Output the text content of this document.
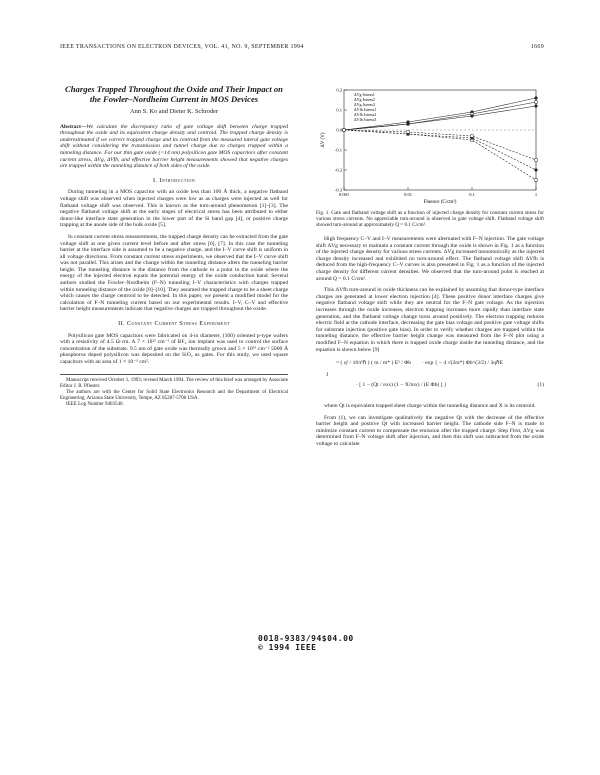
IEEE TRANSACTIONS ON ELECTRON DEVICES, VOL. 41, NO. 9, SEPTEMBER 1994	1669
Charges Trapped Throughout the Oxide and Their Impact on the Fowler–Nordheim Current in MOS Devices
Ann S. Ko and Dieter K. Schroder

Abstract—We calculate the discrepancy ratio of gate voltage shift between charge trapped throughout the oxide and its equivalent charge density and centroid. The trapped charge density is underestimated if we correct trapped charge and its centroid from the measured lateral gate voltage shift without considering the transmission and tunnel charge due to charges trapped within a tunneling distance. For our thin gate oxide (<14 nm) polysilicon gate MOS capacitors after constant current stress, ΔVg, ΔVfb, and effective barrier height measurements showed that negative charges are trapped within the tunneling distance of both sides of the oxide.

I. Introduction

During tunneling in a MOS capacitor with an oxide less than 100 Å thick, a negative flatband voltage shift was observed when injected charges were low as as charges were injected as well for flatband voltage shift was observed. This is known as the turn-around phenomenon [1]–[3]. The negative flatband voltage shift at the early stages of electrical stress has been attributed to either donor-like interface state generation in the lower part of the Si band gap [4], or positive charge trapping at the anode side of the bulk oxide [5].

In constant current stress measurements, the trapped charge density can be extracted from the gate voltage shift at one given current level before and after stress [6], [7]. In this case the tunneling barrier at the interface side is assumed to be a negative charge, and the I–V curve shift is uniform in all voltage directions. From constant current stress experiments, we observed that the I–V curve shift was not parallel. This arises and the change within the tunneling distance alters the tunneling barrier height. The tunneling distance is the distance from the cathode to a point in the oxide where the energy of the injected electron equals the potential energy of the oxide conduction band. Several authors studied the Fowler–Nordheim (F–N) tunneling I–V characteristics with charges trapped within tunneling distance of the oxide [8]–[10]. They assumed the trapped charge to be a sheet charge which causes the charge centroid to be detected. In this paper, we present a modified model for the calculation of F–N tunneling current based on our experimental results. I–V, C–V and effective barrier height measurements indicate that negative charges are trapped throughout the oxide.

II. Constant Current Stress Experiment

Polysilicon gate MOS capacitors were fabricated on 4-in diameter, (100) oriented p-type wafers with a resistivity of 4.5 Ω·cm. A 7 × 10¹² cm⁻² of BF₂ ion implant was used to control the surface concentration of the substrate. 9.5 nm of gate oxide was thermally grown and 5 × 10¹⁵ cm⁻² 5000 Å phosphorus doped polysilicon was deposited on the SiO₂ as gates. For this study, we used square capacitors with an area of 1 × 10⁻³ cm².

Manuscript received October 1, 1993; revised March 1994. The review of this brief was arranged by Associate Editor J. R. Pfiester.

The authors are with the Center for Solid State Electronics Research and the Department of Electrical Engineering, Arizona State University, Tempe, AZ 85287-5706 USA.

IEEE Log Number 9403540.

0.001	0.01	0.1	1
-0.3
-0.2
-0.1
0.0
0.1
0.2
Fluence (C/cm²)
ΔV (V)
ΔVg Jstress1
ΔVg Jstress2
ΔVg Jstress3
ΔVfb Jstress1
ΔVfb Jstress2
ΔVfb Jstress3
Fig. 1. Gate and flatband voltage shift as a function of injected charge density for constant current stress for various stress currents. No appreciable turn-around is observed in gate voltage shift. Flatband voltage shift showed turn-around at approximately Q = 0.1 C/cm².

High frequency C–V and I–V measurements were alternated with F–N injection. The gate voltage shift ΔVg necessary to maintain a constant current through the oxide is shown in Fig. 1 as a function of the injected charge density for various stress currents. ΔVg increased monotonically as the injected charge density increased and exhibited no turn-around effect. The flatband voltage shift ΔVfb is deduced from the high-frequency C–V curves is also presented in Fig. 1 as a function of the injected charge density for different current densities. We observed that the turn-around point is reached at around Q = 0.1 C/cm².

This ΔVfb turn-around in oxide thickness can be explained by assuming that donor-type interface charges are generated at lower electron injection [4]. These positive donor interface charges give negative flatband voltage shift while they are neutral for the F–N gate voltage. As the injection increases through the oxide increases, electron trapping increases more rapidly than interface state generation, and the flatband voltage change turns around positively. The electron trapping reduces electric field at the cathode interface, decreasing the gate bias voltage and positive gate voltage shifts for substrate injection (positive gate bias). In order to verify whether charges are trapped within the tunneling distance, the effective barrier height change was measured from the F–N plot using a modified F–N equation in which there is trapped oxide charge inside the tunneling distance, and the equation is shown below [9]

J
= ( q³ / 16π²ℏ ) ( m / m* ) E² / Φb · exp { − 4 √(2m*) Φb^(3/2) / 3qℏE
· [ 1 − (Qt / εox) (1 − X/tox) / (E Φb) ] }	(1)

where Qt is equivalent trapped sheet charge within the tunneling distance and X is its centroid.

From (1), we can investigate qualitatively the negative Qt with the decrease of the effective barrier height and positive Qt with increased barrier height. The cathode side F–N is made to minimize constant current to compensate the emission after the trapped charge. Step First, ΔVg was determined from F–N voltage shift after injection, and then this shift was subtracted from the oxide voltage to calculate

0018-9383/94$04.00 © 1994 IEEE
